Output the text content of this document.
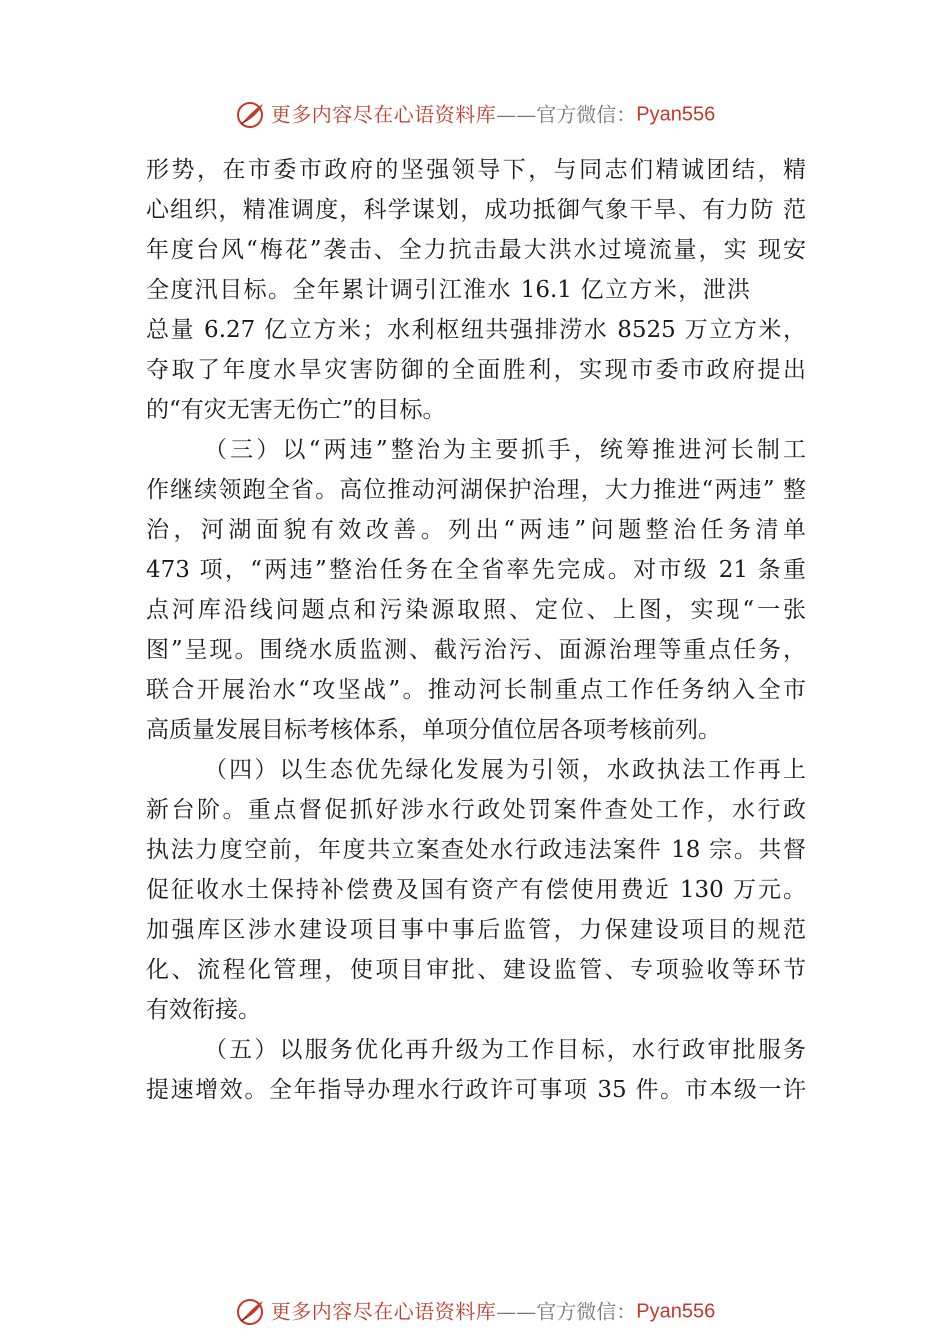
更多内容尽在心语资料库——官方微信：Pyan556
形势，在市委市政府的坚强领导下，与同志们精诚团结，精
心组织，精准调度，科学谋划，成功抵御气象干旱、有力防 范
年度台风“梅花”袭击、全力抗击最大洪水过境流量，实 现安
全度汛目标。全年累计调引江淮水 16.1 亿立方米，泄洪
总量 6.27 亿立方米；水利枢纽共强排涝水 8525 万立方米，
夺取了年度水旱灾害防御的全面胜利，实现市委市政府提出
的“有灾无害无伤亡”的目标。
（三）以“两违”整治为主要抓手，统筹推进河长制工
作继续领跑全省。高位推动河湖保护治理，大力推进“两违” 整
治，河湖面貌有效改善。列出“两违”问题整治任务清单
473 项，“两违”整治任务在全省率先完成。对市级 21 条重
点河库沿线问题点和污染源取照、定位、上图，实现“一张
图”呈现。围绕水质监测、截污治污、面源治理等重点任务，
联合开展治水“攻坚战”。推动河长制重点工作任务纳入全市
高质量发展目标考核体系，单项分值位居各项考核前列。
（四）以生态优先绿化发展为引领，水政执法工作再上
新台阶。重点督促抓好涉水行政处罚案件查处工作，水行政
执法力度空前，年度共立案查处水行政违法案件 18 宗。共督
促征收水土保持补偿费及国有资产有偿使用费近 130 万元。
加强库区涉水建设项目事中事后监管，力保建设项目的规范
化、流程化管理，使项目审批、建设监管、专项验收等环节
有效衔接。
（五）以服务优化再升级为工作目标，水行政审批服务
提速增效。全年指导办理水行政许可事项 35 件。市本级一许
更多内容尽在心语资料库——官方微信：Pyan556
